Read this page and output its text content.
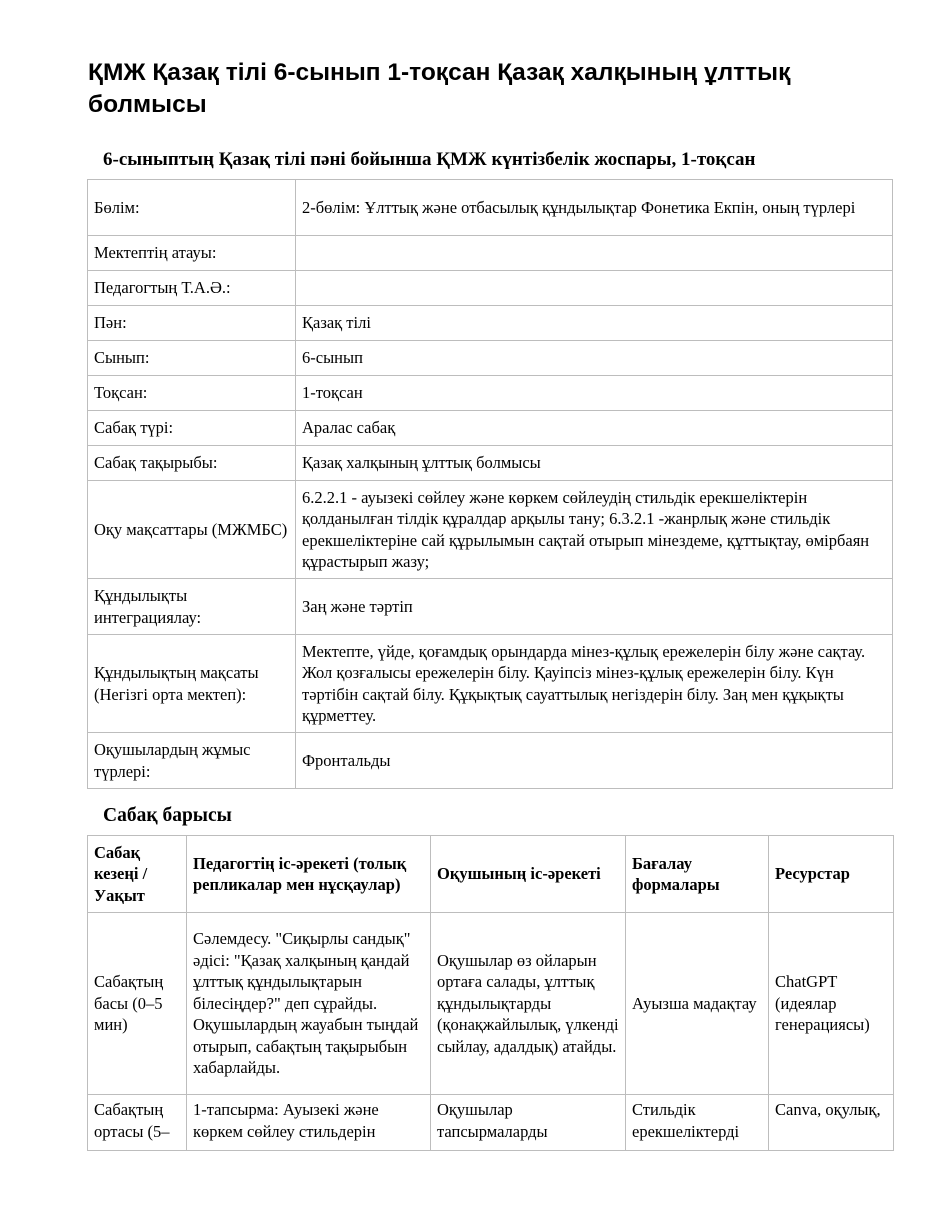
ҚМЖ Қазақ тілі 6-сынып 1-тоқсан Қазақ халқының ұлттық болмысы
6-сыныптың Қазақ тілі пәні бойынша ҚМЖ күнтізбелік жоспары, 1-тоқсан
Бөлім:	2-бөлім: Ұлттық және отбасылық құндылықтар Фонетика Екпін, оның түрлері
Мектептің атауы:	
Педагогтың Т.А.Ә.:	
Пән:	Қазақ тілі
Сынып:	6-сынып
Тоқсан:	1-тоқсан
Сабақ түрі:	Аралас сабақ
Сабақ тақырыбы:	Қазақ халқының ұлттық болмысы
Оқу мақсаттары (МЖМБС)	6.2.2.1 - ауызекі сөйлеу және көркем сөйлеудің стильдік ерекшеліктерін қолданылған тілдік құралдар арқылы тану; 6.3.2.1 -жанрлық және стильдік ерекшеліктеріне сай құрылымын сақтай отырып мінездеме, құттықтау, өмірбаян құрастырып жазу;
Құндылықты интеграциялау:	Заң және тәртіп
Құндылықтың мақсаты (Негізгі орта мектеп):	Мектепте, үйде, қоғамдық орындарда мінез-құлық ережелерін білу және сақтау. Жол қозғалысы ережелерін білу. Қауіпсіз мінез-құлық ережелерін білу. Күн тәртібін сақтай білу. Құқықтық сауаттылық негіздерін білу. Заң мен құқықты құрметтеу.
Оқушылардың жұмыс түрлері:	Фронтальды
Сабақ барысы
Сабақ кезеңі / Уақыт	Педагогтің іс-әрекеті (толық репликалар мен нұсқаулар)	Оқушының іс-әрекеті	Бағалау формалары	Ресурстар
Сабақтың басы (0–5 мин)	Сәлемдесу. "Сиқырлы сандық" әдісі: "Қазақ халқының қандай ұлттық құндылықтарын білесіңдер?" деп сұрайды. Оқушылардың жауабын тыңдай отырып, сабақтың тақырыбын хабарлайды.	Оқушылар өз ойларын ортаға салады, ұлттық құндылықтарды (қонақжайлылық, үлкенді сыйлау, адалдық) атайды.	Ауызша мадақтау	ChatGPT (идеялар генерациясы)
Сабақтың ортасы (5–	1-тапсырма: Ауызекі және көркем сөйлеу стильдерін	Оқушылар тапсырмаларды	Стильдік ерекшеліктерді	Canva, оқулық,
